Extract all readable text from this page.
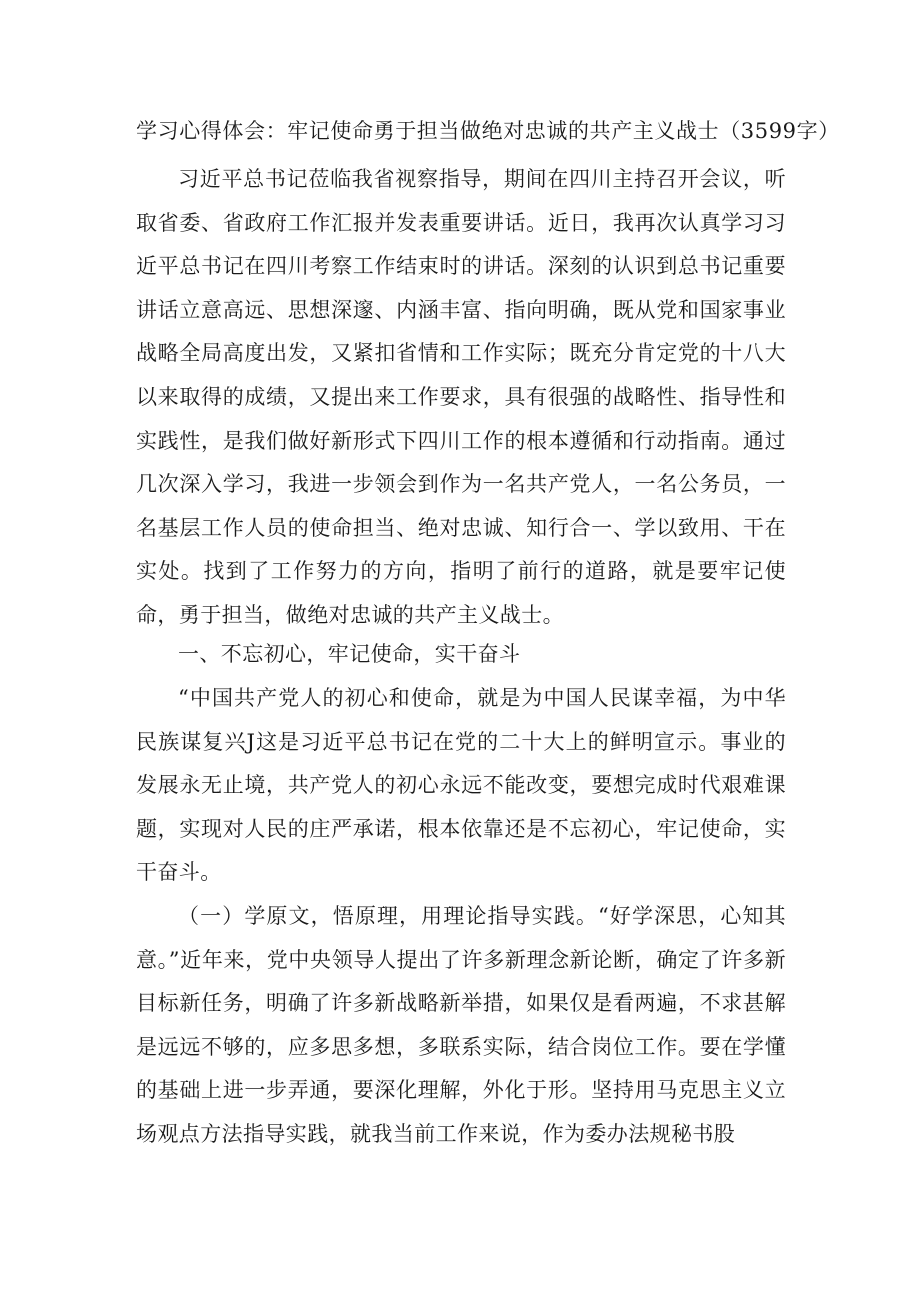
学习心得体会：牢记使命勇于担当做绝对忠诚的共产主义战士（3599字）
习近平总书记莅临我省视察指导，期间在四川主持召开会议，听取省委、省政府工作汇报并发表重要讲话。近日，我再次认真学习习近平总书记在四川考察工作结束时的讲话。深刻的认识到总书记重要讲话立意高远、思想深邃、内涵丰富、指向明确，既从党和国家事业战略全局高度出发，又紧扣省情和工作实际；既充分肯定党的十八大以来取得的成绩，又提出来工作要求，具有很强的战略性、指导性和实践性，是我们做好新形式下四川工作的根本遵循和行动指南。通过几次深入学习，我进一步领会到作为一名共产党人，一名公务员，一名基层工作人员的使命担当、绝对忠诚、知行合一、学以致用、干在实处。找到了工作努力的方向，指明了前行的道路，就是要牢记使命，勇于担当，做绝对忠诚的共产主义战士。
一、不忘初心，牢记使命，实干奋斗
“中国共产党人的初心和使命，就是为中国人民谋幸福，为中华民族谋复兴J这是习近平总书记在党的二十大上的鲜明宣示。事业的发展永无止境，共产党人的初心永远不能改变，要想完成时代艰难课题，实现对人民的庄严承诺，根本依靠还是不忘初心，牢记使命，实干奋斗。
（一）学原文，悟原理，用理论指导实践。“好学深思，心知其意。”近年来，党中央领导人提出了许多新理念新论断，确定了许多新目标新任务，明确了许多新战略新举措，如果仅是看两遍，不求甚解是远远不够的，应多思多想，多联系实际，结合岗位工作。要在学懂的基础上进一步弄通，要深化理解，外化于形。坚持用马克思主义立场观点方法指导实践，就我当前工作来说，作为委办法规秘书股
